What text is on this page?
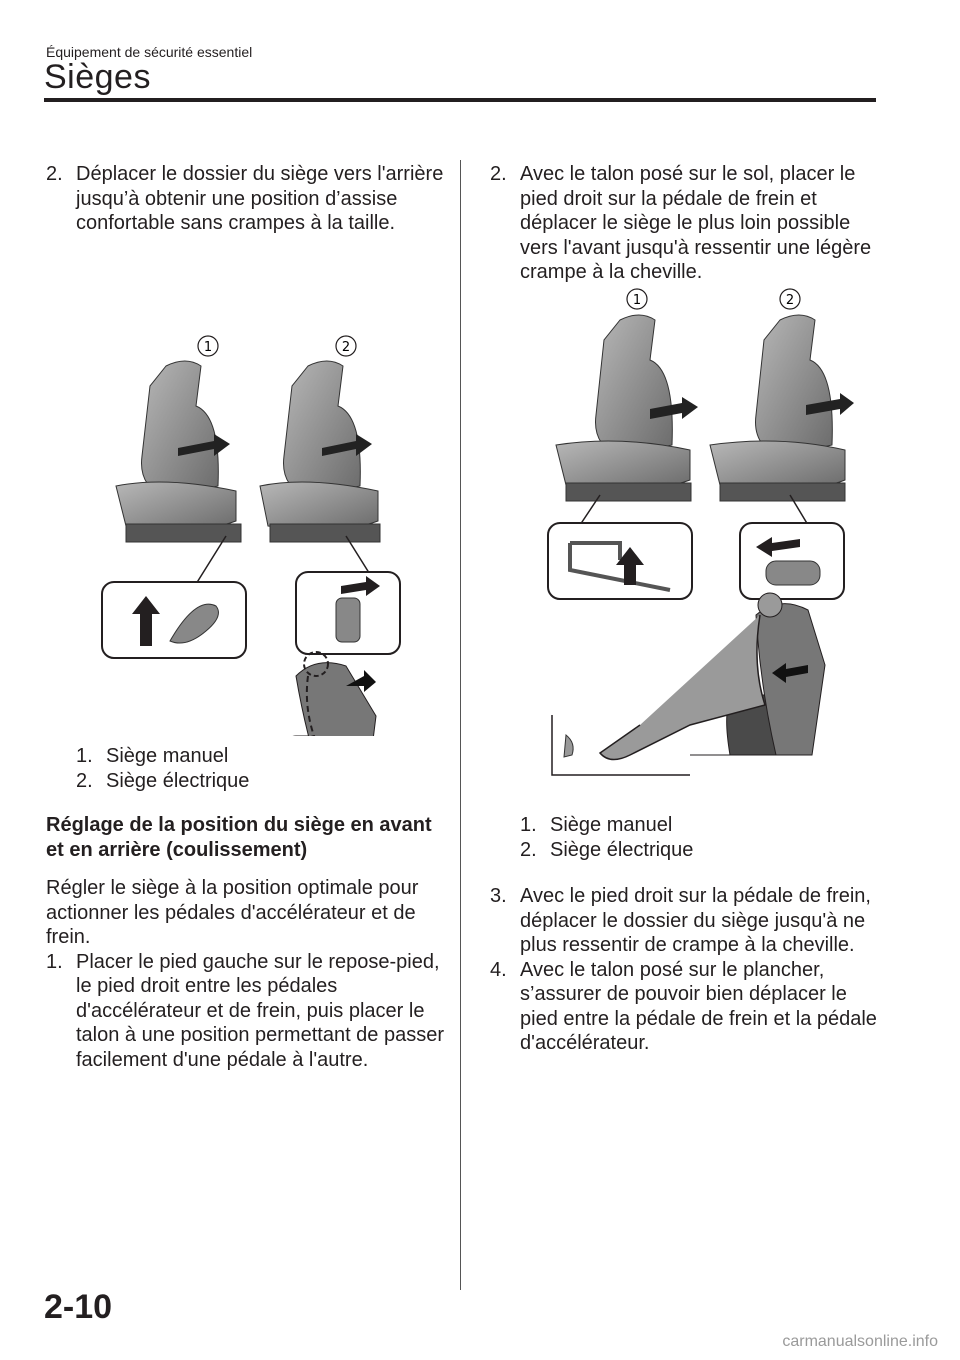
Équipement de sécurité essentiel
Sièges
2. Déplacer le dossier du siège vers l'arrière jusqu’à obtenir une position d’assise confortable sans crampes à la taille.
1	2
1. Siège manuel
2. Siège électrique
Réglage de la position du siège en avant et en arrière (coulissement)
Régler le siège à la position optimale pour actionner les pédales d'accélérateur et de frein.
1. Placer le pied gauche sur le repose-pied, le pied droit entre les pédales d'accélérateur et de frein, puis placer le talon à une position permettant de passer facilement d'une pédale à l'autre.
2. Avec le talon posé sur le sol, placer le pied droit sur la pédale de frein et déplacer le siège le plus loin possible vers l'avant jusqu'à ressentir une légère crampe à la cheville.
1	2
1. Siège manuel
2. Siège électrique
3. Avec le pied droit sur la pédale de frein, déplacer le dossier du siège jusqu'à ne plus ressentir de crampe à la cheville.
4. Avec le talon posé sur le plancher, s’assurer de pouvoir bien déplacer le pied entre la pédale de frein et la pédale d'accélérateur.
2-10
carmanualsonline.info
